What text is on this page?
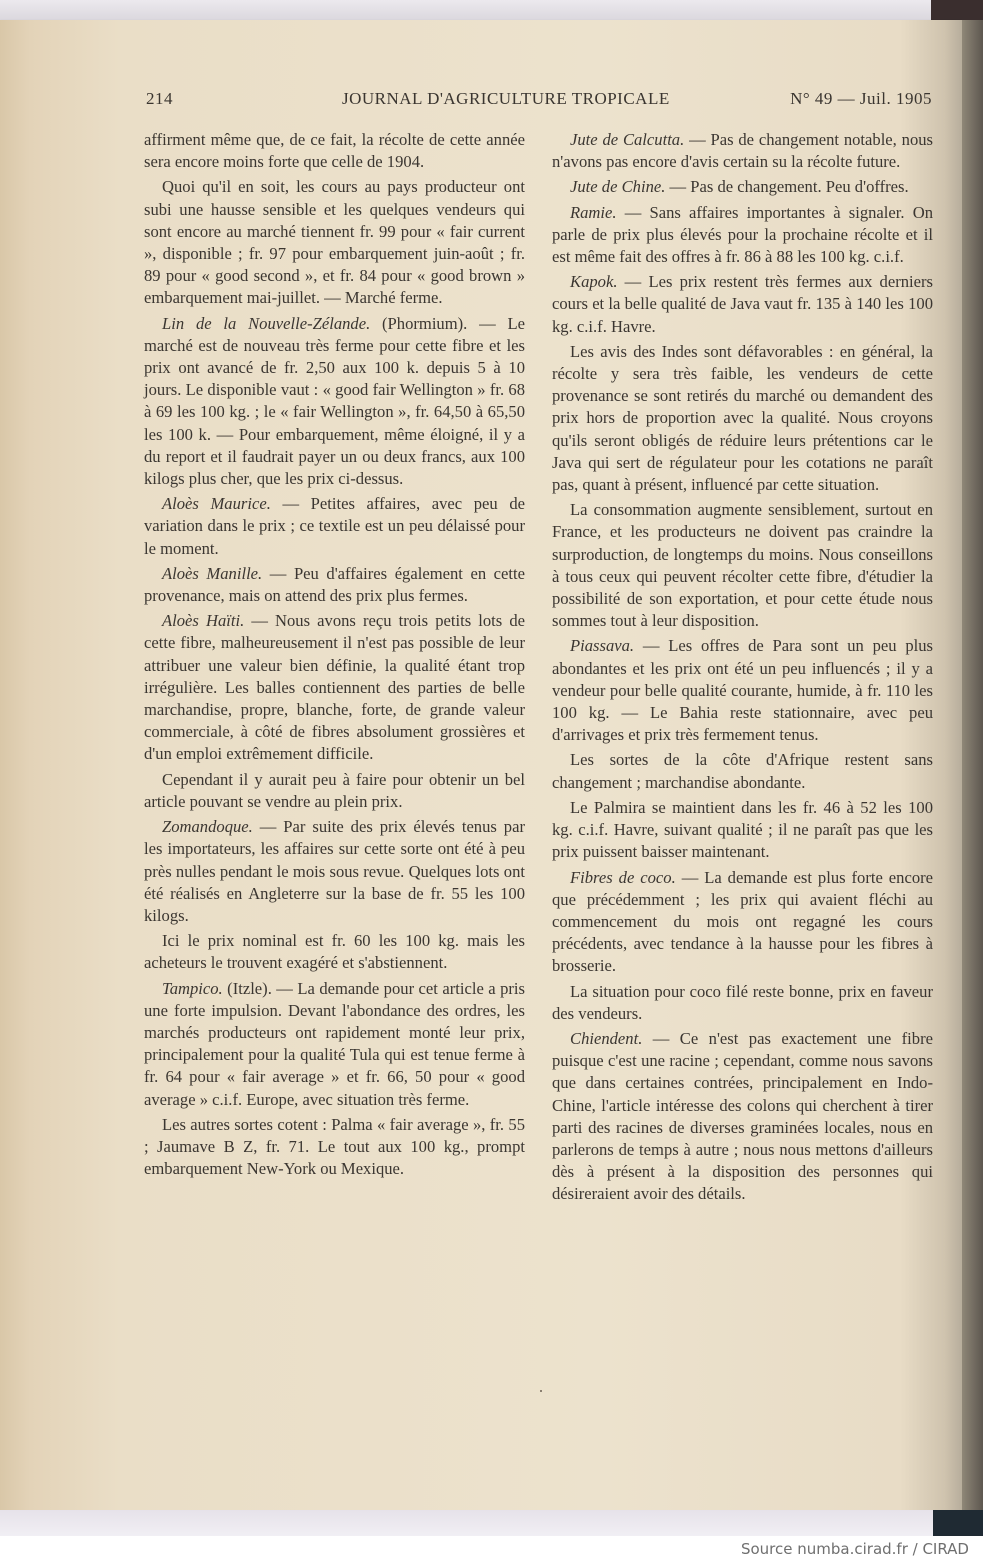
214	JOURNAL D'AGRICULTURE TROPICALE	N° 49 — Juil. 1905

affirment même que, de ce fait, la récolte de cette année sera encore moins forte que celle de 1904.

Quoi qu'il en soit, les cours au pays producteur ont subi une hausse sensible et les quelques vendeurs qui sont encore au marché tiennent fr. 99 pour « fair current », disponible ; fr. 97 pour embarquement juin-août ; fr. 89 pour « good second », et fr. 84 pour « good brown » embarquement mai-juillet. — Marché ferme.

Lin de la Nouvelle-Zélande. (Phormium). — Le marché est de nouveau très ferme pour cette fibre et les prix ont avancé de fr. 2,50 aux 100 k. depuis 5 à 10 jours. Le disponible vaut : « good fair Wellington » fr. 68 à 69 les 100 kg. ; le « fair Wellington », fr. 64,50 à 65,50 les 100 k. — Pour embarquement, même éloigné, il y a du report et il faudrait payer un ou deux francs, aux 100 kilogs plus cher, que les prix ci-dessus.

Aloès Maurice. — Petites affaires, avec peu de variation dans le prix ; ce textile est un peu délaissé pour le moment.

Aloès Manille. — Peu d'affaires également en cette provenance, mais on attend des prix plus fermes.

Aloès Haïti. — Nous avons reçu trois petits lots de cette fibre, malheureusement il n'est pas possible de leur attribuer une valeur bien définie, la qualité étant trop irrégulière. Les balles contiennent des parties de belle marchandise, propre, blanche, forte, de grande valeur commerciale, à côté de fibres absolument grossières et d'un emploi extrêmement difficile.

Cependant il y aurait peu à faire pour obtenir un bel article pouvant se vendre au plein prix.

Zomandoque. — Par suite des prix élevés tenus par les importateurs, les affaires sur cette sorte ont été à peu près nulles pendant le mois sous revue. Quelques lots ont été réalisés en Angleterre sur la base de fr. 55 les 100 kilogs.

Ici le prix nominal est fr. 60 les 100 kg. mais les acheteurs le trouvent exagéré et s'abstiennent.

Tampico. (Itzle). — La demande pour cet article a pris une forte impulsion. Devant l'abondance des ordres, les marchés producteurs ont rapidement monté leur prix, principalement pour la qualité Tula qui est tenue ferme à fr. 64 pour « fair average » et fr. 66, 50 pour « good average » c.i.f. Europe, avec situation très ferme.

Les autres sortes cotent : Palma « fair average », fr. 55 ; Jaumave B Z, fr. 71. Le tout aux 100 kg., prompt embarquement New-York ou Mexique.

Jute de Calcutta. — Pas de changement notable, nous n'avons pas encore d'avis certain su la récolte future.

Jute de Chine. — Pas de changement. Peu d'offres.

Ramie. — Sans affaires importantes à signaler. On parle de prix plus élevés pour la prochaine récolte et il est même fait des offres à fr. 86 à 88 les 100 kg. c.i.f.

Kapok. — Les prix restent très fermes aux derniers cours et la belle qualité de Java vaut fr. 135 à 140 les 100 kg. c.i.f. Havre.

Les avis des Indes sont défavorables : en général, la récolte y sera très faible, les vendeurs de cette provenance se sont retirés du marché ou demandent des prix hors de proportion avec la qualité. Nous croyons qu'ils seront obligés de réduire leurs prétentions car le Java qui sert de régulateur pour les cotations ne paraît pas, quant à présent, influencé par cette situation.

La consommation augmente sensiblement, surtout en France, et les producteurs ne doivent pas craindre la surproduction, de longtemps du moins. Nous conseillons à tous ceux qui peuvent récolter cette fibre, d'étudier la possibilité de son exportation, et pour cette étude nous sommes tout à leur disposition.

Piassava. — Les offres de Para sont un peu plus abondantes et les prix ont été un peu influencés ; il y a vendeur pour belle qualité courante, humide, à fr. 110 les 100 kg. — Le Bahia reste stationnaire, avec peu d'arrivages et prix très fermement tenus.

Les sortes de la côte d'Afrique restent sans changement ; marchandise abondante.

Le Palmira se maintient dans les fr. 46 à 52 les 100 kg. c.i.f. Havre, suivant qualité ; il ne paraît pas que les prix puissent baisser maintenant.

Fibres de coco. — La demande est plus forte encore que précédemment ; les prix qui avaient fléchi au commencement du mois ont regagné les cours précédents, avec tendance à la hausse pour les fibres à brosserie.

La situation pour coco filé reste bonne, prix en faveur des vendeurs.

Chiendent. — Ce n'est pas exactement une fibre puisque c'est une racine ; cependant, comme nous savons que dans certaines contrées, principalement en Indo-Chine, l'article intéresse des colons qui cherchent à tirer parti des racines de diverses graminées locales, nous en parlerons de temps à autre ; nous nous mettons d'ailleurs dès à présent à la disposition des personnes qui désireraient avoir des détails.

Source numba.cirad.fr / CIRAD
